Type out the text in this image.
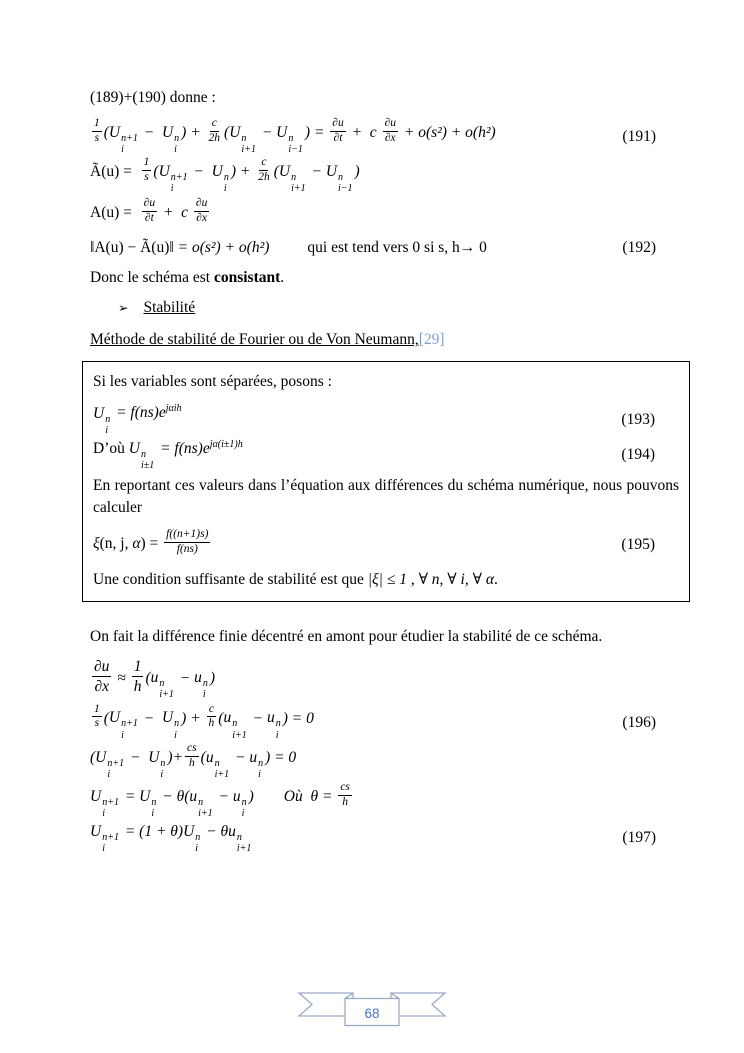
(189)+(190) donne :
$\frac{1}{s} (U$ n+1
i
−  U n
i
) + $\frac{c}{2h} (U$ n
i+1
− U n
i−1
) = $\frac{\partial u}{\partial t} + c \frac{\partial u}{\partial x} + o(s^2) + o(h^2)$	(191)
Ã(u) = $\frac{1}{s} (U$ n+1
i
−  U n
i
) + $\frac{c}{2h} (U$ n
i+1
− U n
i−1
)
$A(u) = \frac{\partial u}{\partial t} + c \frac{\partial u}{\partial x}$
‖A(u) − Ã(u)‖ = o(s²) + o(h²) qui est tend vers 0 si s, h→ 0	(192)
Donc le schéma est consistant.
➢ Stabilité
Méthode de stabilité de Fourier ou de Von Neumann,[29]
Si les variables sont séparées, posons :
U n
i
= $f(ns)e^{j\alpha ih}$
(193)
D’où U n
i±1
= $f(ns)e^{j\alpha(i\pm 1)h}$
(194)
En reportant ces valeurs dans l’équation aux différences du schéma numérique, nous pouvons calculer
ξ(n, j, $\alpha) = \frac{f((n+1)s)}{f(ns)}$	(195)
Une condition suffisante de stabilité est que |ξ| ≤ 1 , ∀ n, ∀ i, ∀ α.
On fait la différence finie décentré en amont pour étudier la stabilité de ce schéma.
$\frac{\partial u}{\partial x} \approx \frac{1}{h} (u$ n
i+1
− u n
i
)
$\frac{1}{s} (U$ n+1
i
−  U n
i
) + $\frac{c}{h} (u$ n
i+1
− u n
i
) = 0	(196)
(U n+1
i
−  U n
i
)+ $\frac{cs}{h} (u$ n
i+1
− u n
i
) = 0
U n+1
i
= U n
i
− θ(u n
i+1
− u n
i
) Où  $\theta = \frac{cs}{h}$
U n+1
i
= (1 + θ)U n
i
− θu n
i+1
(197)
68
